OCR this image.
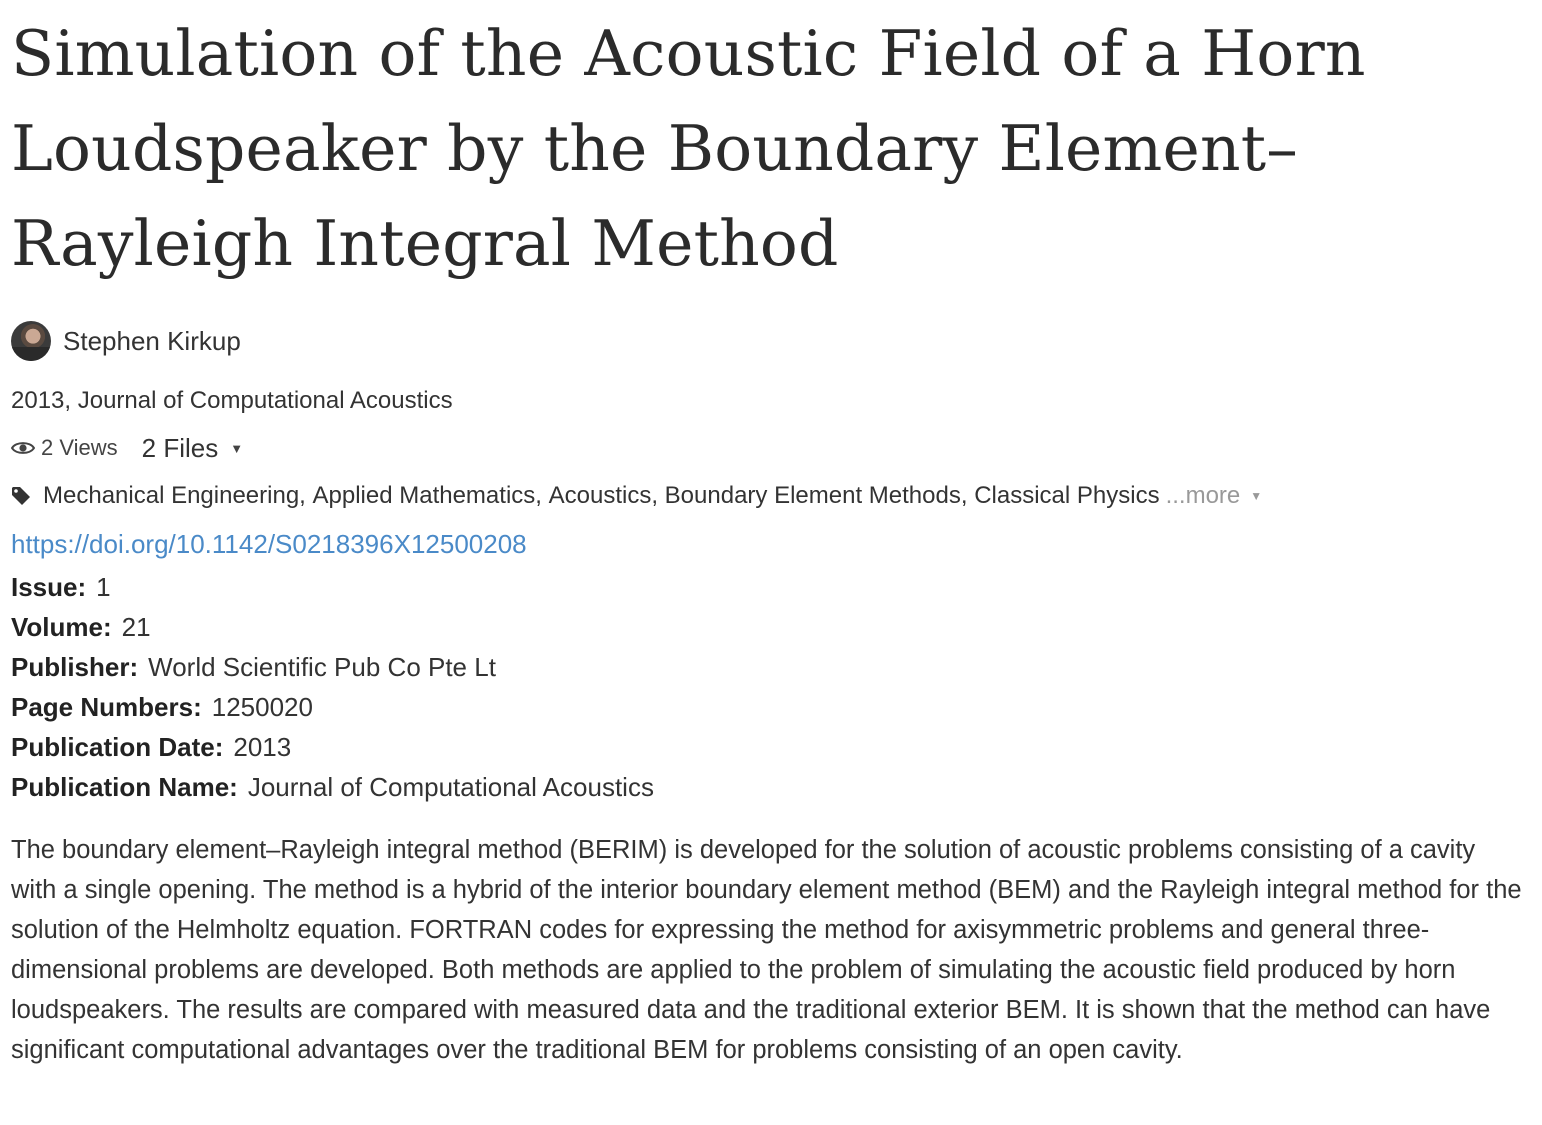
Simulation of the Acoustic Field of a Horn Loudspeaker by the Boundary Element–Rayleigh Integral Method
Stephen Kirkup
2013, Journal of Computational Acoustics
2 Views 2 Files ▼
Mechanical Engineering,
Applied Mathematics,
Acoustics,
Boundary Element Methods,
Classical Physics ...more ▼
https://doi.org/10.1142/S0218396X12500208
Issue: 1
Volume: 21
Publisher: World Scientific Pub Co Pte Lt
Page Numbers: 1250020
Publication Date: 2013
Publication Name: Journal of Computational Acoustics

The boundary element–Rayleigh integral method (BERIM) is developed for the solution of acoustic problems consisting of a cavity with a single opening. The method is a hybrid of the interior boundary element method (BEM) and the Rayleigh integral method for the solution of the Helmholtz equation. FORTRAN codes for expressing the method for axisymmetric problems and general three-dimensional problems are developed. Both methods are applied to the problem of simulating the acoustic field produced by horn loudspeakers. The results are compared with measured data and the traditional exterior BEM. It is shown that the method can have significant computational advantages over the traditional BEM for problems consisting of an open cavity.
